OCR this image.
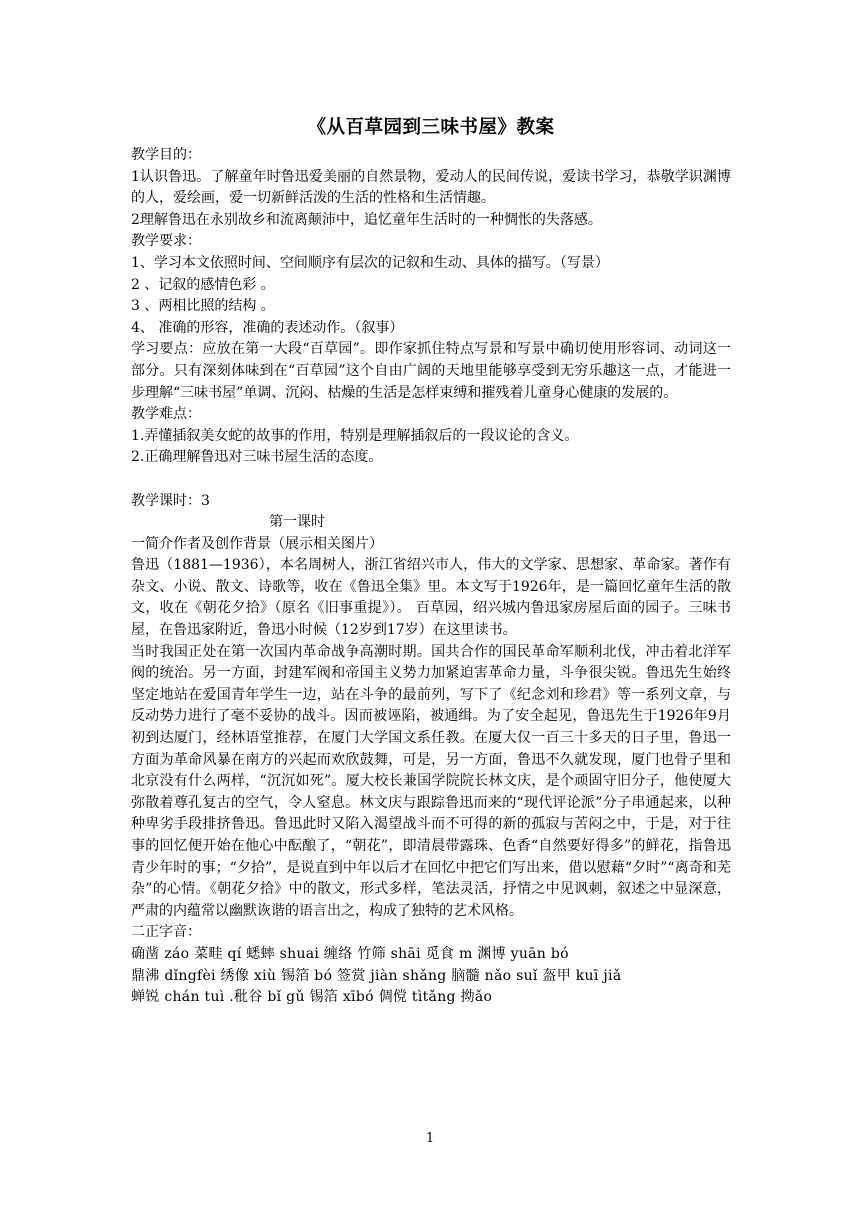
《从百草园到三味书屋》教案

教学目的：

1认识鲁迅。了解童年时鲁迅爱美丽的自然景物，爱动人的民间传说，爱读书学习，恭敬学识渊博的人，爱绘画，爱一切新鲜活泼的生活的性格和生活情趣。

2理解鲁迅在永别故乡和流离颠沛中，追忆童年生活时的一种惆怅的失落感。

教学要求：

1、学习本文依照时间、空间顺序有层次的记叙和生动、具体的描写。（写景）

2 、记叙的感情色彩 。

3 、两相比照的结构 。

4、 准确的形容，准确的表述动作。（叙事）

学习要点：应放在第一大段“百草园”。即作家抓住特点写景和写景中确切使用形容词、动词这一部分。只有深刻体味到在“百草园”这个自由广阔的天地里能够享受到无穷乐趣这一点，才能进一步理解“三味书屋”单调、沉闷、枯燥的生活是怎样束缚和摧残着儿童身心健康的发展的。

教学难点：

1.弄懂插叙美女蛇的故事的作用，特别是理解插叙后的一段议论的含义。

2.正确理解鲁迅对三味书屋生活的态度。

教学课时：3

第一课时

一简介作者及创作背景（展示相关图片）

鲁迅（1881—1936），本名周树人，浙江省绍兴市人，伟大的文学家、思想家、革命家。著作有杂文、小说、散文、诗歌等，收在《鲁迅全集》里。本文写于1926年，是一篇回忆童年生活的散文，收在《朝花夕拾》（原名《旧事重提》）。 百草园，绍兴城内鲁迅家房屋后面的园子。三味书屋，在鲁迅家附近，鲁迅小时候（12岁到17岁）在这里读书。

当时我国正处在第一次国内革命战争高潮时期。国共合作的国民革命军顺利北伐，冲击着北洋军阀的统治。另一方面，封建军阀和帝国主义势力加紧迫害革命力量，斗争很尖锐。鲁迅先生始终坚定地站在爱国青年学生一边，站在斗争的最前列，写下了《纪念刘和珍君》等一系列文章，与反动势力进行了毫不妥协的战斗。因而被诬陷，被通缉。为了安全起见，鲁迅先生于1926年9月初到达厦门，经林语堂推荐，在厦门大学国文系任教。在厦大仅一百三十多天的日子里，鲁迅一方面为革命风暴在南方的兴起而欢欣鼓舞，可是，另一方面，鲁迅不久就发现，厦门也骨子里和北京没有什么两样，“沉沉如死”。厦大校长兼国学院院长林文庆，是个顽固守旧分子，他使厦大弥散着尊孔复古的空气，令人窒息。林文庆与跟踪鲁迅而来的“现代评论派”分子串通起来，以种种卑劣手段排挤鲁迅。鲁迅此时又陷入渴望战斗而不可得的新的孤寂与苦闷之中，于是，对于往事的回忆便开始在他心中酝酿了，“朝花”，即清晨带露珠、色香“自然要好得多”的鲜花，指鲁迅青少年时的事；“夕拾”，是说直到中年以后才在回忆中把它们写出来，借以慰藉“夕时”“离奇和芜杂”的心情。《朝花夕拾》中的散文，形式多样，笔法灵活，抒情之中见讽刺，叙述之中显深意，严肃的内蕴常以幽默诙谐的语言出之，构成了独特的艺术风格。

二正字音：

确凿 záo 菜畦 qí 蟋蟀 shuai 缠络 竹筛 shāi 觅食 m 渊博 yuān bó

鼎沸 dǐngfèi 绣像 xiù 锡箔 bó 签赏 jiàn shǎng 脑髓 nǎo suǐ 盔甲 kuī jiǎ

蝉锐 chán tuì .秕谷 bǐ gǔ 锡箔 xībó 倜傥 tìtǎng 拗ǎo

1
